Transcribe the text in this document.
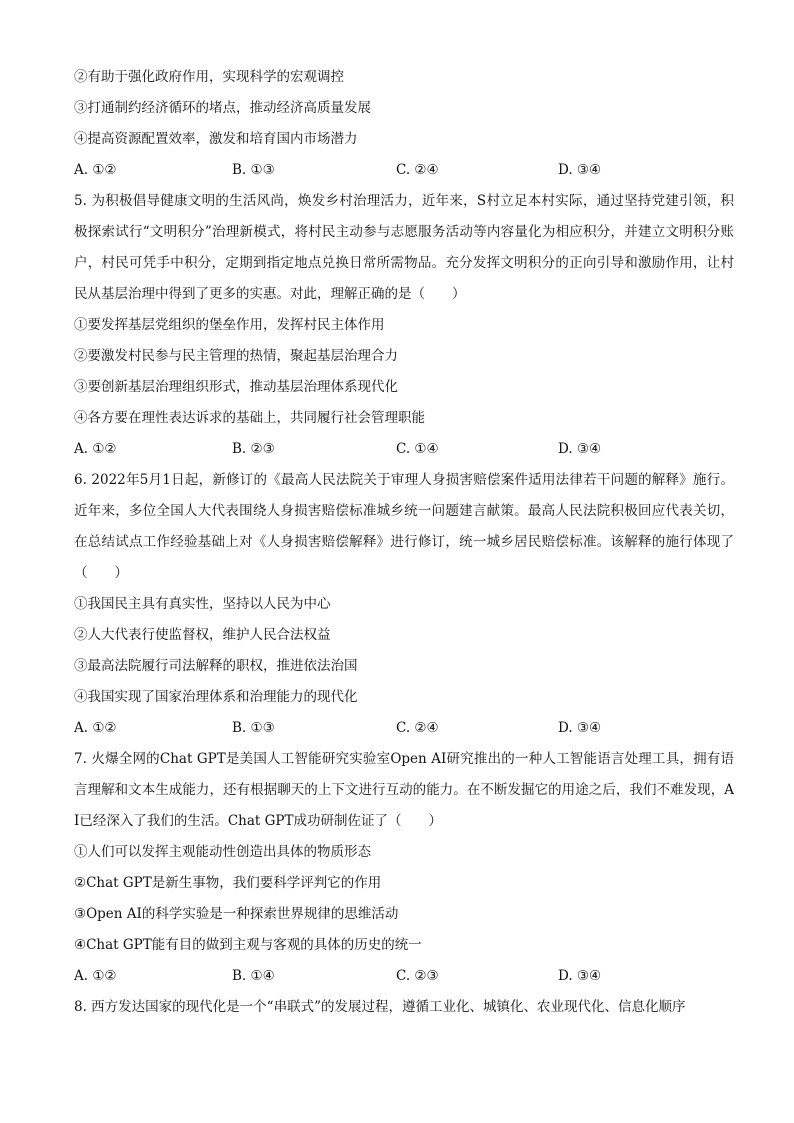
②有助于强化政府作用，实现科学的宏观调控
③打通制约经济循环的堵点，推动经济高质量发展
④提高资源配置效率，激发和培育国内市场潜力
A. ①②	B. ①③	C. ②④	D. ③④
5. 为积极倡导健康文明的生活风尚，焕发乡村治理活力，近年来，S村立足本村实际，通过坚持党建引领，积极探索试行“文明积分”治理新模式，将村民主动参与志愿服务活动等内容量化为相应积分，并建立文明积分账户，村民可凭手中积分，定期到指定地点兑换日常所需物品。充分发挥文明积分的正向引导和激励作用，让村民从基层治理中得到了更多的实惠。对此，理解正确的是（　　）
①要发挥基层党组织的堡垒作用，发挥村民主体作用
②要激发村民参与民主管理的热情，聚起基层治理合力
③要创新基层治理组织形式，推动基层治理体系现代化
④各方要在理性表达诉求的基础上，共同履行社会管理职能
A. ①②	B. ②③	C. ①④	D. ③④
6. 2022年5月1日起，新修订的《最高人民法院关于审理人身损害赔偿案件适用法律若干问题的解释》施行。近年来，多位全国人大代表围绕人身损害赔偿标准城乡统一问题建言献策。最高人民法院积极回应代表关切，在总结试点工作经验基础上对《人身损害赔偿解释》进行修订，统一城乡居民赔偿标准。该解释的施行体现了（　　）
①我国民主具有真实性，坚持以人民为中心
②人大代表行使监督权，维护人民合法权益
③最高法院履行司法解释的职权，推进依法治国
④我国实现了国家治理体系和治理能力的现代化
A. ①②	B. ①③	C. ②④	D. ③④
7. 火爆全网的Chat GPT是美国人工智能研究实验室Open AI研究推出的一种人工智能语言处理工具，拥有语言理解和文本生成能力，还有根据聊天的上下文进行互动的能力。在不断发掘它的用途之后，我们不难发现，AI已经深入了我们的生活。Chat GPT成功研制佐证了（　　）
①人们可以发挥主观能动性创造出具体的物质形态
②Chat GPT是新生事物，我们要科学评判它的作用
③Open AI的科学实验是一种探索世界规律的思维活动
④Chat GPT能有目的做到主观与客观的具体的历史的统一
A. ①②	B. ①④	C. ②③	D. ③④
8. 西方发达国家的现代化是一个“串联式”的发展过程，遵循工业化、城镇化、农业现代化、信息化顺序
